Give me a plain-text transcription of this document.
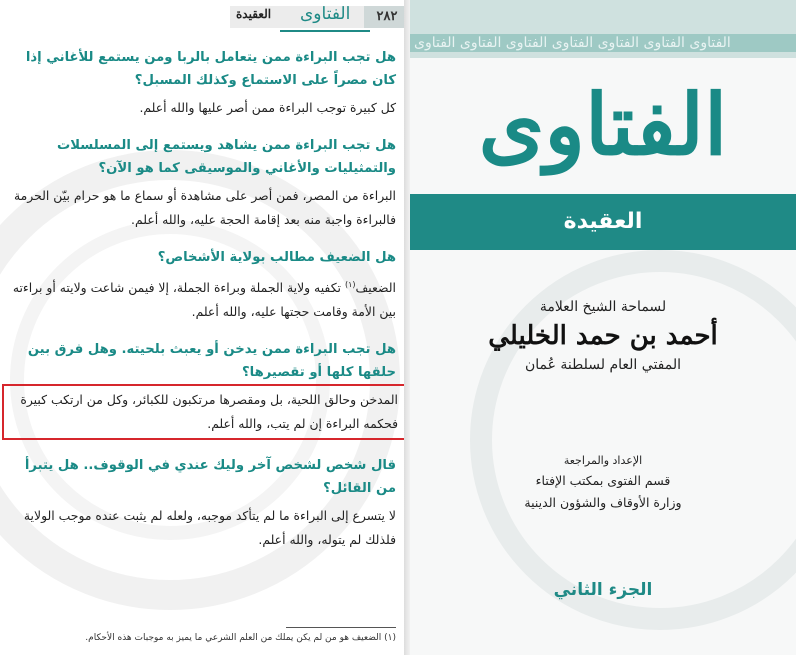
العقيدة الفتاوى	٢٨٢
هل تجب البراءة ممن يتعامل بالربا ومن يستمع للأغاني إذا كان مصراً على الاستماع وكذلك المسبل؟
كل كبيرة توجب البراءة ممن أصر عليها والله أعلم.
هل تجب البراءة ممن يشاهد ويستمع إلى المسلسلات والتمثيليات والأغاني والموسيقى كما هو الآن؟
البراءة من المصر، فمن أصر على مشاهدة أو سماع ما هو حرام بيّن الحرمة فالبراءة واجبة منه بعد إقامة الحجة عليه، والله أعلم.
هل الضعيف مطالب بولاية الأشخاص؟
الضعيف$^{(١)}$ تكفيه ولاية الجملة وبراءة الجملة، إلا فيمن شاعت ولايته أو براءته بين الأمة وقامت حجتها عليه، والله أعلم.
هل تجب البراءة ممن يدخن أو يعبث بلحيته. وهل فرق بين حلقها كلها أو تقصيرها؟
المدخن وحالق اللحية، بل ومقصرها مرتكبون للكبائر، وكل من ارتكب كبيرة فحكمه البراءة إن لم يتب، والله أعلم.
قال شخص لشخص آخر وليك عندي في الوقوف.. هل يتبرأ من القائل؟
لا يتسرع إلى البراءة ما لم يتأكد موجبه، ولعله لم يثبت عنده موجب الولاية فلذلك لم يتوله، والله أعلم.
(١) الضعيف هو من لم يكن يملك من العلم الشرعي ما يميز به موجبات هذه الأحكام.
الفتاوى الفتاوى الفتاوى الفتاوى الفتاوى الفتاوى الفتاوى
الفتاوى
العقيدة
لسماحة الشيخ العلامة
أحمد بن حمد الخليلي
المفتي العام لسلطنة عُمان
الإعداد والمراجعة
قسم الفتوى بمكتب الإفتاء
وزارة الأوقاف والشؤون الدينية
الجزء الثاني
